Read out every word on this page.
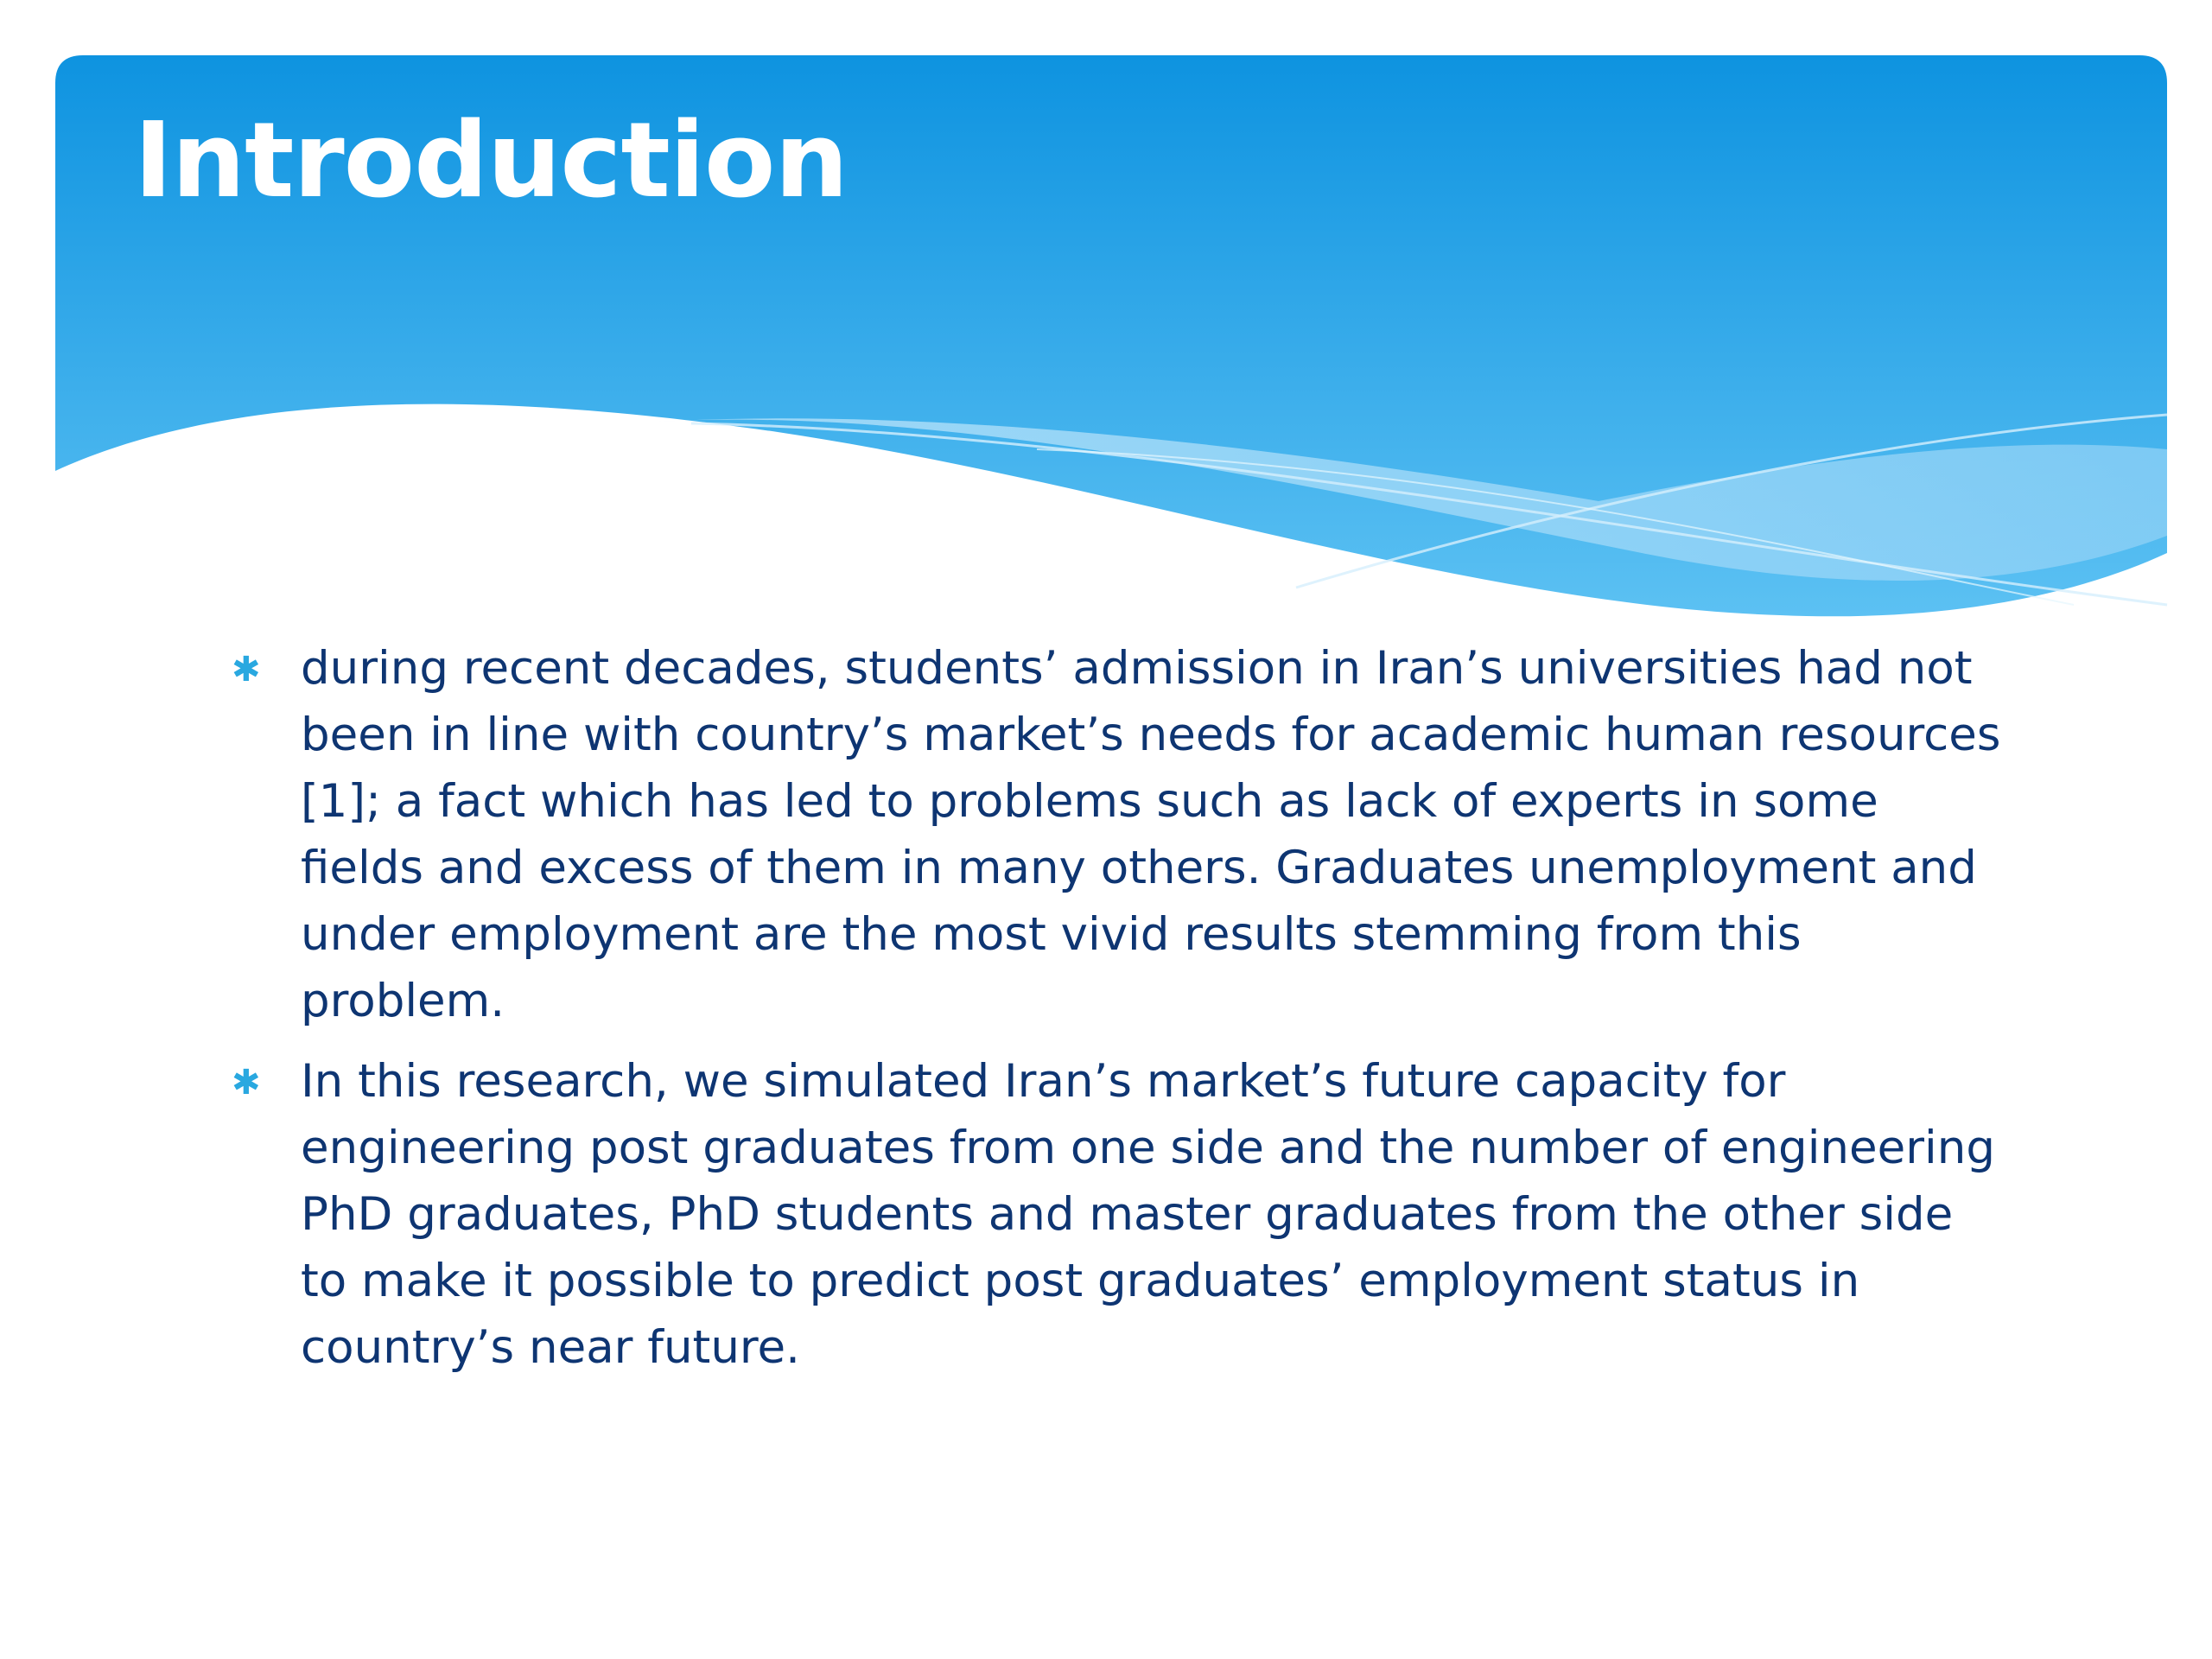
Introduction
✱ during recent decades, students’ admission in Iran’s universities had not been in line with country’s market’s needs for academic human resources [1]; a fact which has led to problems such as lack of experts in some fields and excess of them in many others. Graduates unemployment and under employment are the most vivid results stemming from this problem.
✱ In this research, we simulated Iran’s market’s future capacity for engineering post graduates from one side and the number of engineering PhD graduates, PhD students and master graduates from the other side to make it possible to predict post graduates’ employment status in country’s near future.
